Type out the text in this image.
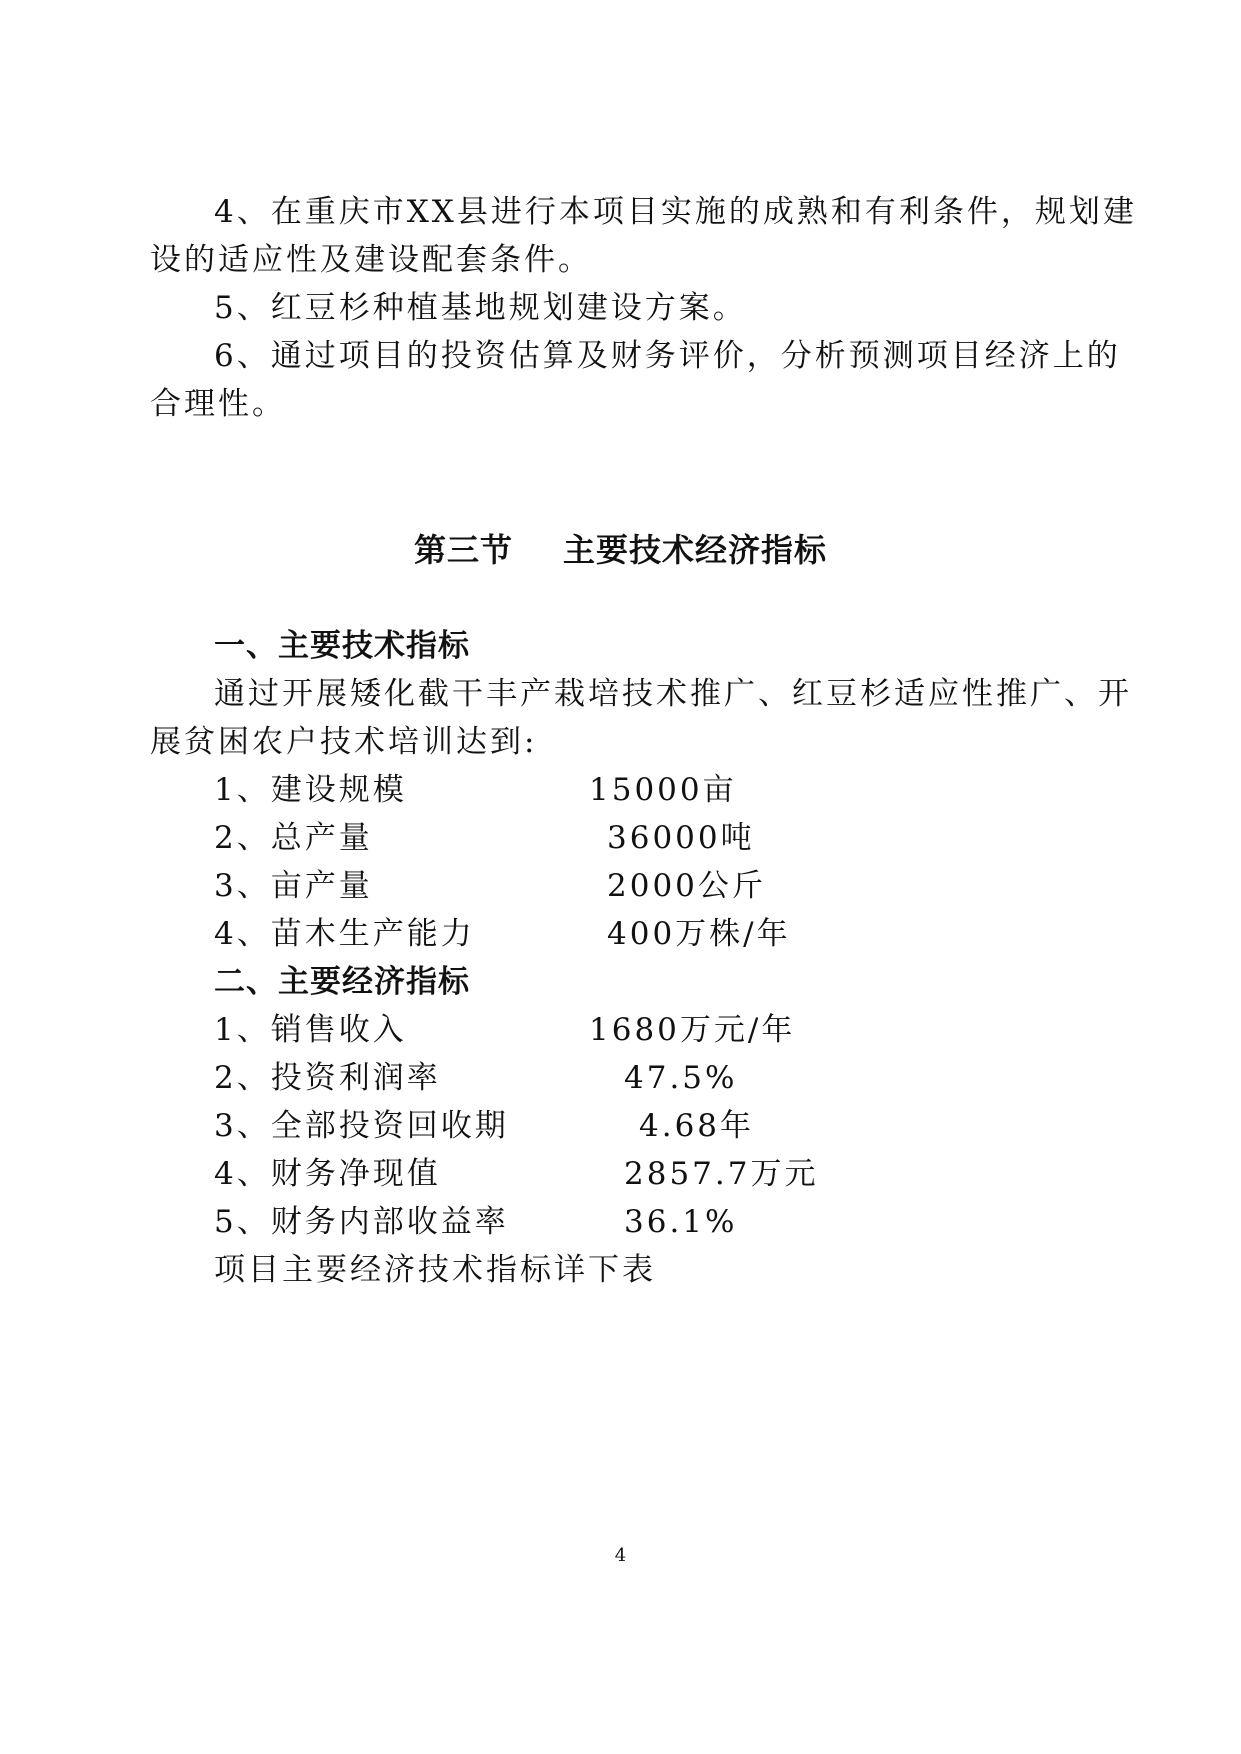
4、在重庆市XX县进行本项目实施的成熟和有利条件，规划建
设的适应性及建设配套条件。
5、红豆杉种植基地规划建设方案。
6、通过项目的投资估算及财务评价，分析预测项目经济上的
合理性。
第三节 主要技术经济指标
一、主要技术指标
通过开展矮化截干丰产栽培技术推广、红豆杉适应性推广、开
展贫困农户技术培训达到:
1、建设规模	15000亩
2、总产量	36000吨
3、亩产量	2000公斤
4、苗木生产能力	400万株/年
二、主要经济指标
1、销售收入	1680万元/年
2、投资利润率	47.5%
3、全部投资回收期	4.68年
4、财务净现值	2857.7万元
5、财务内部收益率	36.1%
项目主要经济技术指标详下表
4
